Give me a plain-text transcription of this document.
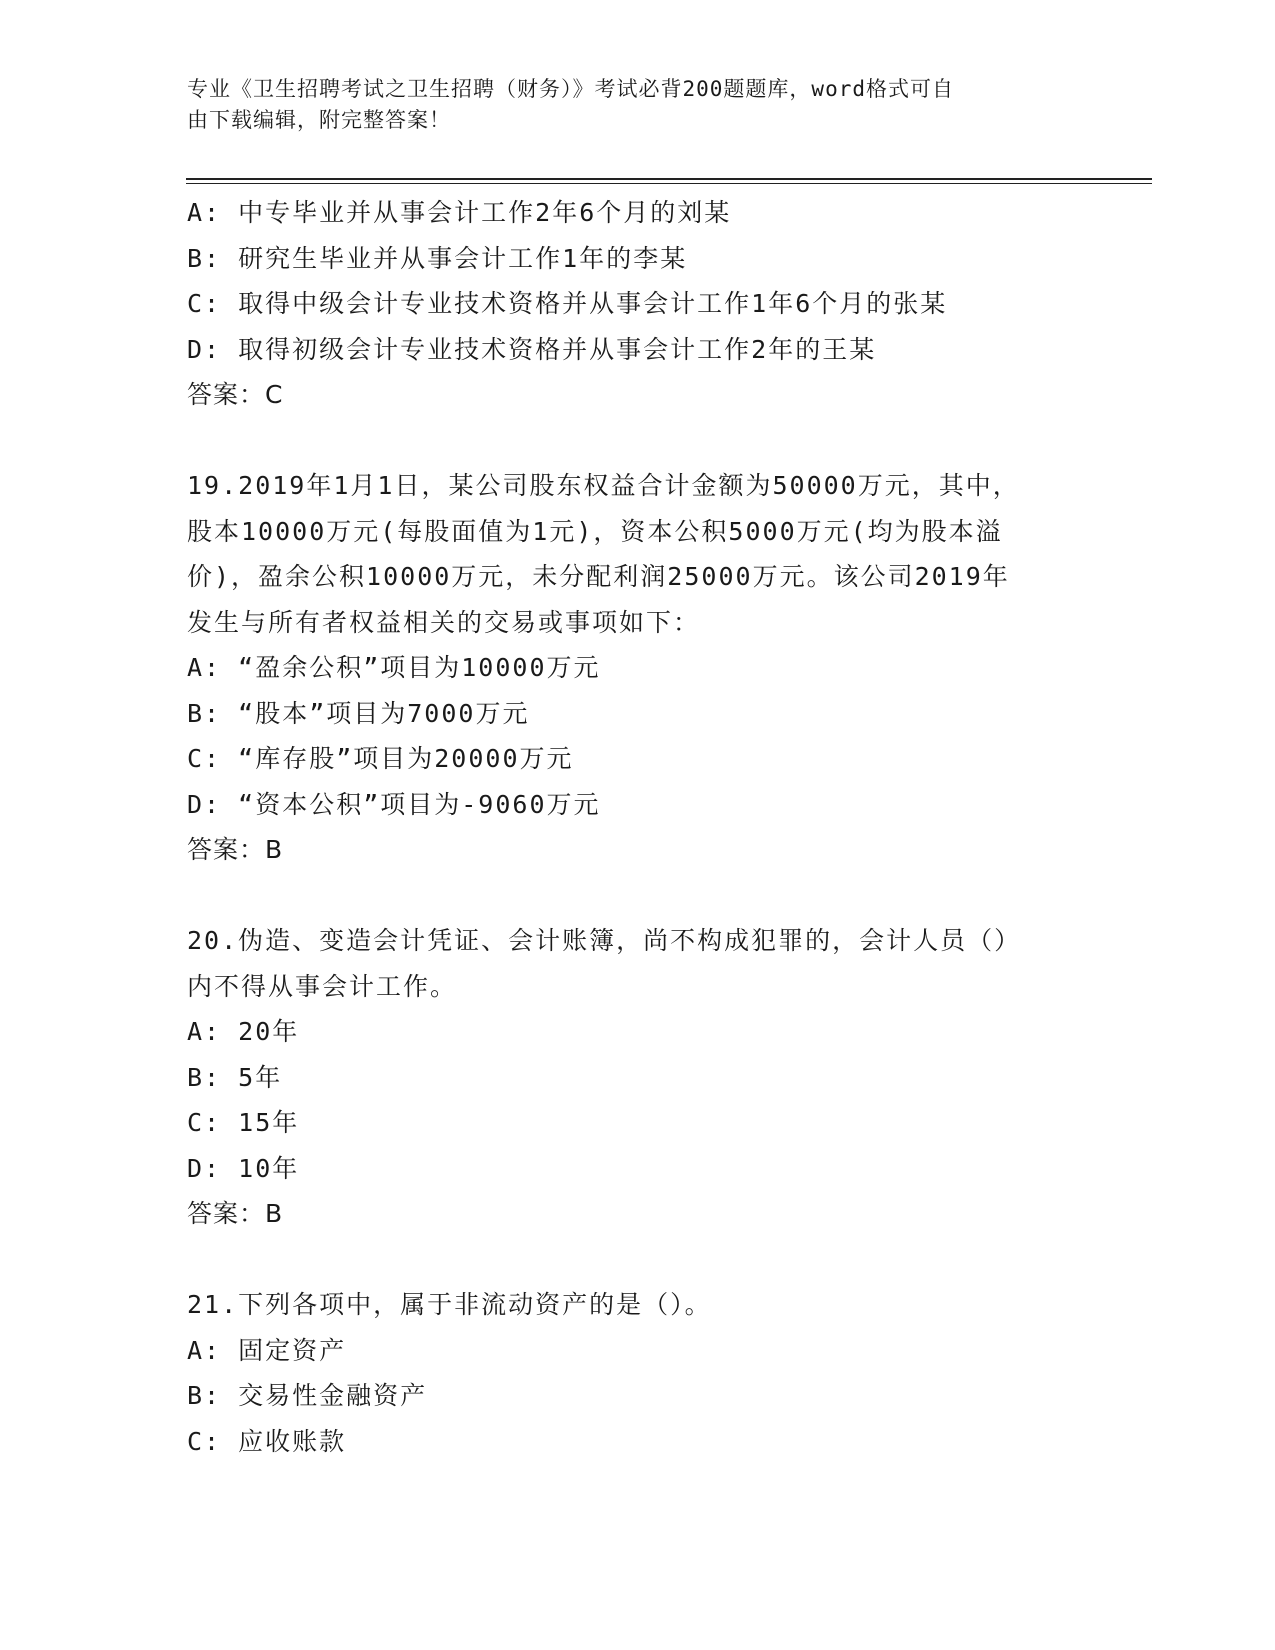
专业《卫生招聘考试之卫生招聘（财务）》考试必背200题题库，word格式可自
由下载编辑，附完整答案！
A: 中专毕业并从事会计工作2年6个月的刘某
B: 研究生毕业并从事会计工作1年的李某
C: 取得中级会计专业技术资格并从事会计工作1年6个月的张某
D: 取得初级会计专业技术资格并从事会计工作2年的王某
答案：C
19.2019年1月1日，某公司股东权益合计金额为50000万元，其中，
股本10000万元(每股面值为1元)，资本公积5000万元(均为股本溢
价)，盈余公积10000万元，未分配利润25000万元。该公司2019年
发生与所有者权益相关的交易或事项如下：
A: “盈余公积”项目为10000万元
B: “股本”项目为7000万元
C: “库存股”项目为20000万元
D: “资本公积”项目为-9060万元
答案：B
20.伪造、变造会计凭证、会计账簿，尚不构成犯罪的，会计人员（）
内不得从事会计工作。
A: 20年
B: 5年
C: 15年
D: 10年
答案：B
21.下列各项中，属于非流动资产的是（）。
A: 固定资产
B: 交易性金融资产
C: 应收账款
